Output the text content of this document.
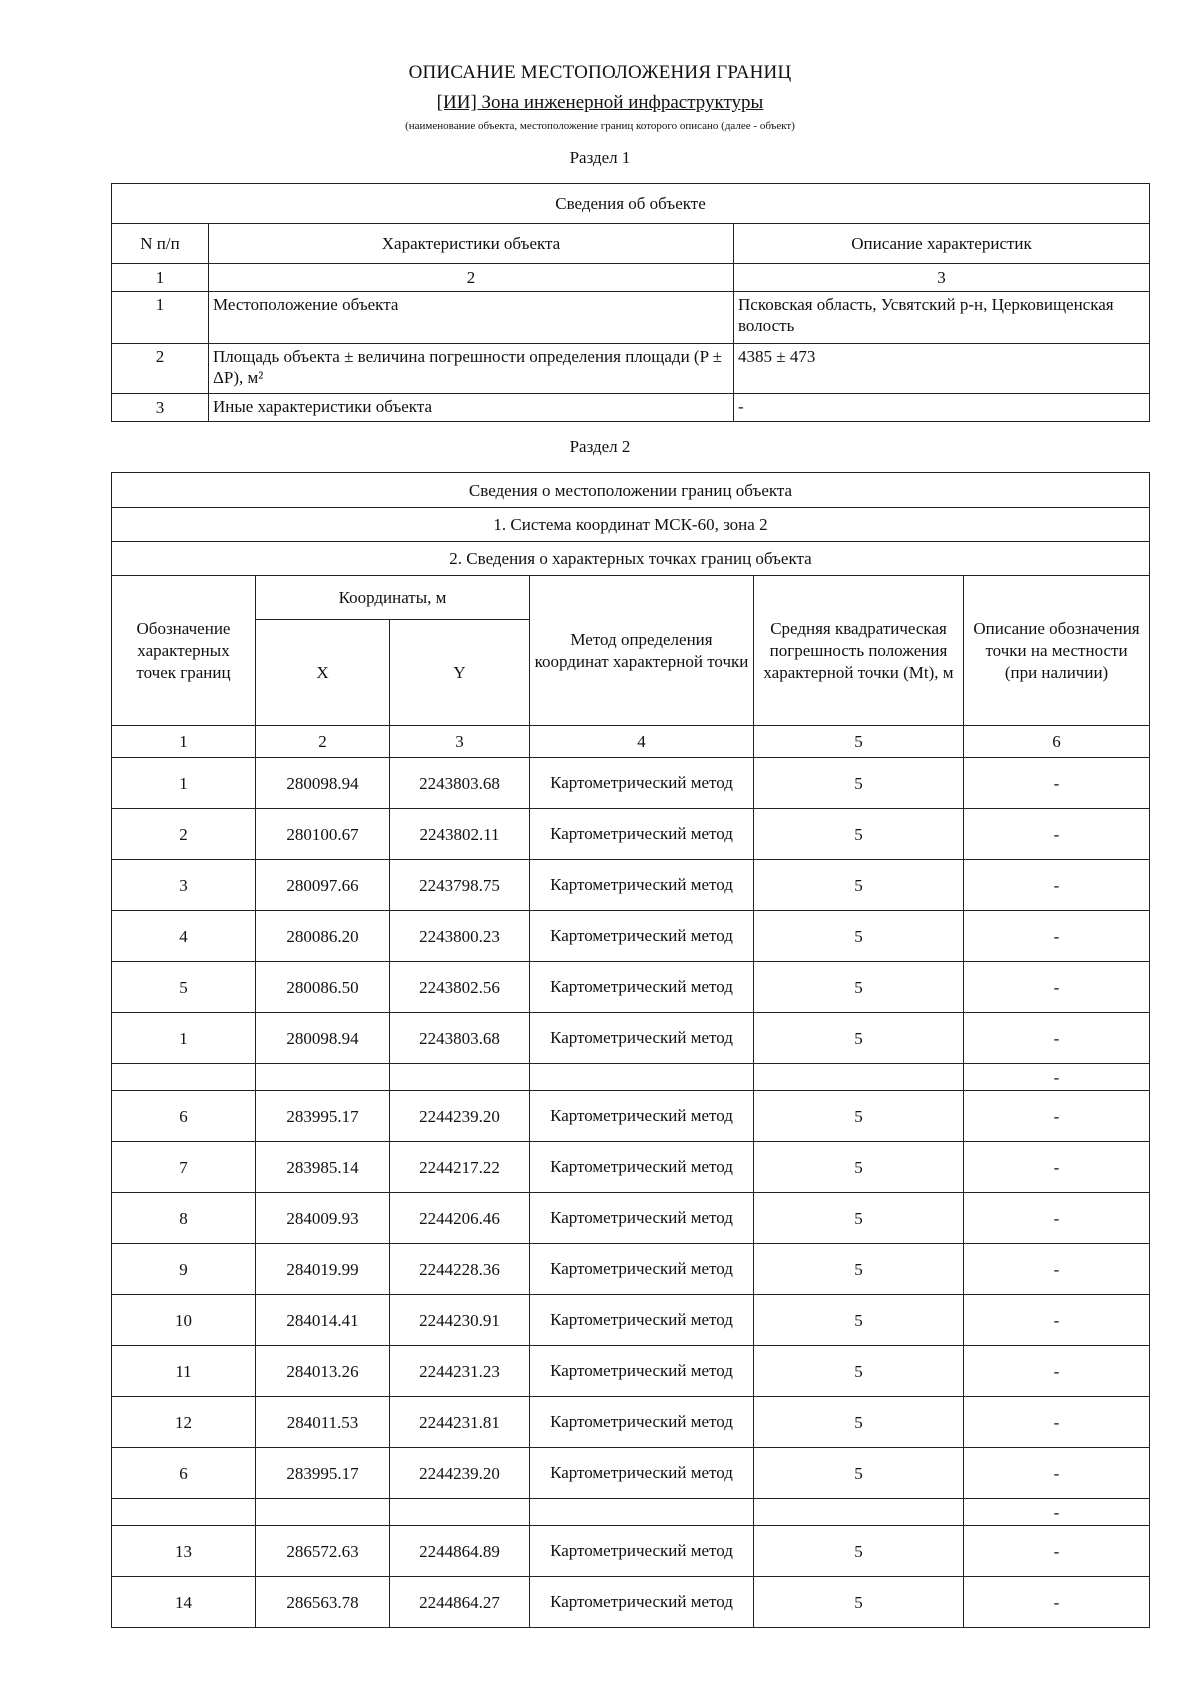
ОПИСАНИЕ МЕСТОПОЛОЖЕНИЯ ГРАНИЦ
[ИИ] Зона инженерной инфраструктуры
(наименование объекта, местоположение границ которого описано (далее - объект)
Раздел 1
Сведения об объекте		
N п/п	Характеристики объекта	Описание характеристик
1	2	3
1	Местоположение объекта	Псковская область, Усвятский р-н, Церковищенская волость
2	Площадь объекта ± величина погрешности определения площади (P ± ΔP), м²	4385 ± 473
3	Иные характеристики объекта	-
Раздел 2
Сведения о местоположении границ объекта					
1. Система координат МСК-60, зона 2					
2. Сведения о характерных точках границ объекта					
Обозначение характерных точек границ	Координаты, м		Метод определения координат характерной точки	Средняя квадратическая погрешность положения характерной точки (Mt), м	Описание обозначения точки на местности (при наличии)
	X	Y			
1	2	3	4	5	6
1	280098.94	2243803.68	Картометрический метод	5	-
2	280100.67	2243802.11	Картометрический метод	5	-
3	280097.66	2243798.75	Картометрический метод	5	-
4	280086.20	2243800.23	Картометрический метод	5	-
5	280086.50	2243802.56	Картометрический метод	5	-
1	280098.94	2243803.68	Картометрический метод	5	-
					-
6	283995.17	2244239.20	Картометрический метод	5	-
7	283985.14	2244217.22	Картометрический метод	5	-
8	284009.93	2244206.46	Картометрический метод	5	-
9	284019.99	2244228.36	Картометрический метод	5	-
10	284014.41	2244230.91	Картометрический метод	5	-
11	284013.26	2244231.23	Картометрический метод	5	-
12	284011.53	2244231.81	Картометрический метод	5	-
6	283995.17	2244239.20	Картометрический метод	5	-
					-
13	286572.63	2244864.89	Картометрический метод	5	-
14	286563.78	2244864.27	Картометрический метод	5	-
